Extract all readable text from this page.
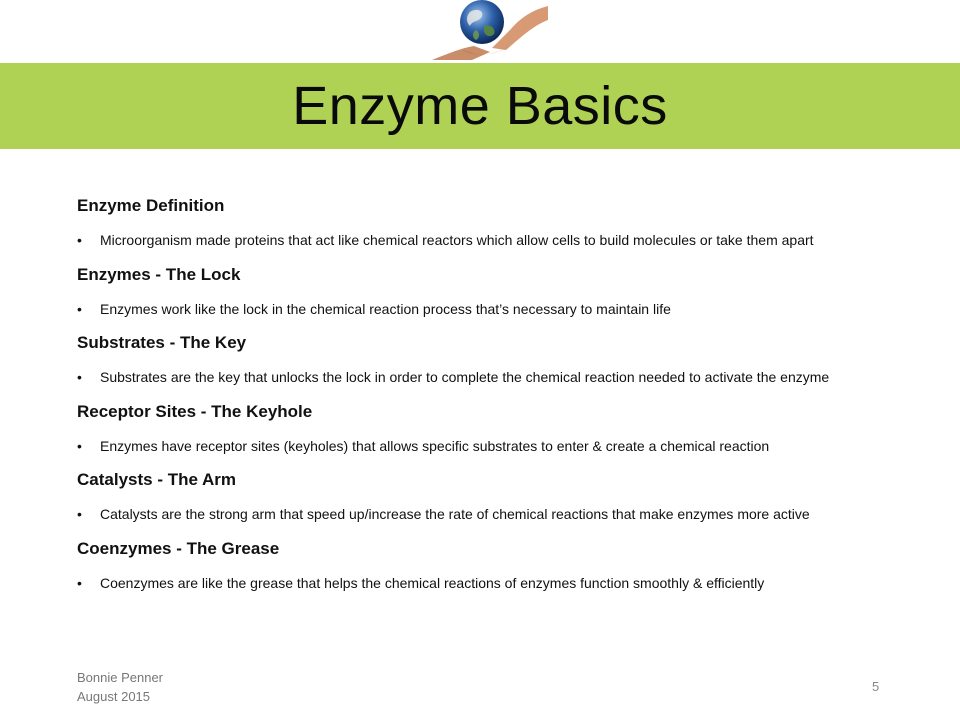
Enzyme Basics
Enzyme Definition
• Microorganism made proteins that act like chemical reactors which allow cells to build molecules or take them apart
Enzymes - The Lock
• Enzymes work like the lock in the chemical reaction process that’s necessary to maintain life
Substrates - The Key
• Substrates are the key that unlocks the lock in order to complete the chemical reaction needed to activate the enzyme
Receptor Sites - The Keyhole
• Enzymes have receptor sites (keyholes) that allows specific substrates to enter & create a chemical reaction
Catalysts - The Arm
• Catalysts are the strong arm that speed up/increase the rate of chemical reactions that make enzymes more active
Coenzymes - The Grease
• Coenzymes are like the grease that helps the chemical reactions of enzymes function smoothly & efficiently
Bonnie Penner
August 2015
5
